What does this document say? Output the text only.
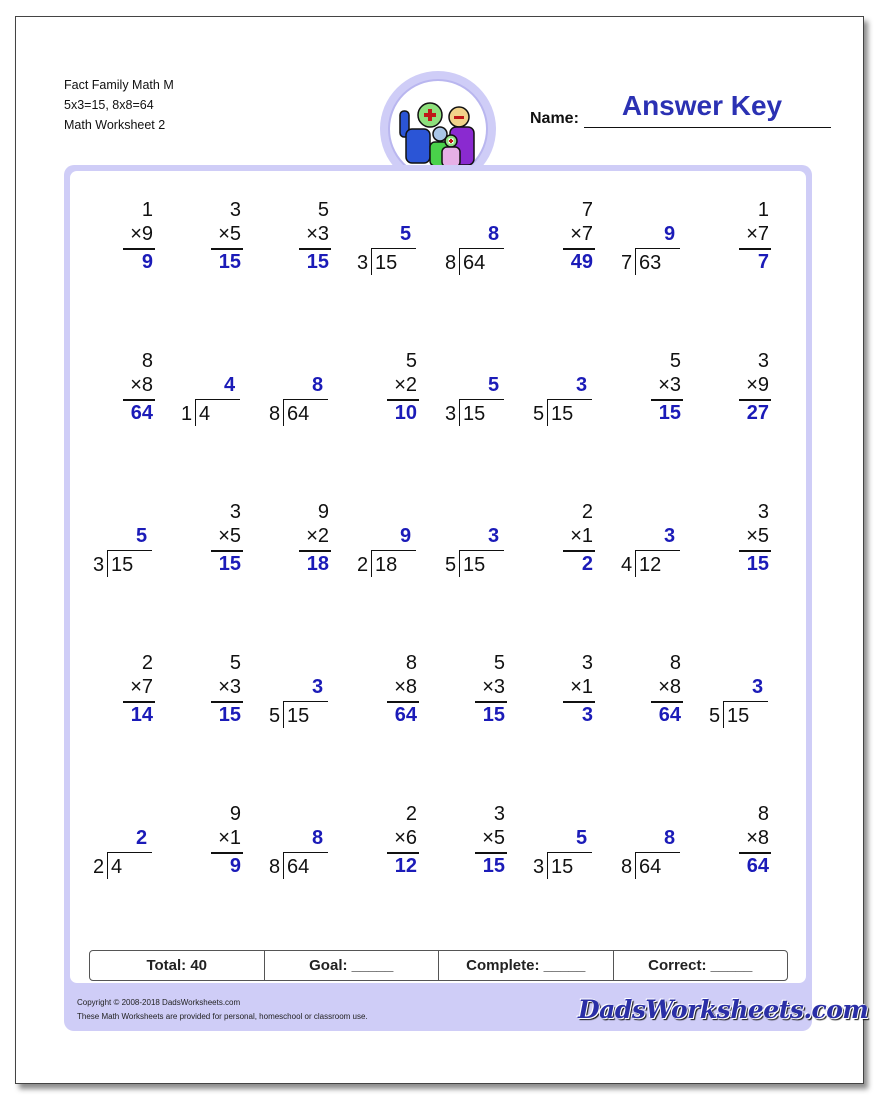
Fact Family Math M
5x3=15, 8x8=64
Math Worksheet 2	Name:	Answer Key
1
×9
9
3
×5
15
5
×3
15
5
3 15
8
8 64
7
×7
49
9
7 63
1
×7
7
8
×8
64
4
1 4
8
8 64
5
×2
10
5
3 15
3
5 15
5
×3
15
3
×9
27
5
3 15
3
×5
15
9
×2
18
9
2 18
3
5 15
2
×1
2
3
4 12
3
×5
15
2
×7
14
5
×3
15
3
5 15
8
×8
64
5
×3
15
3
×1
3
8
×8
64
3
5 15
2
2 4
9
×1
9
8
8 64
2
×6
12
3
×5
15
5
3 15
8
8 64
8
×8
64
Total: 40	Goal: _____	Complete: _____	Correct: _____
Copyright © 2008-2018 DadsWorksheets.com
These Math Worksheets are provided for personal, homeschool or classroom use.	DadsWorksheets.com
